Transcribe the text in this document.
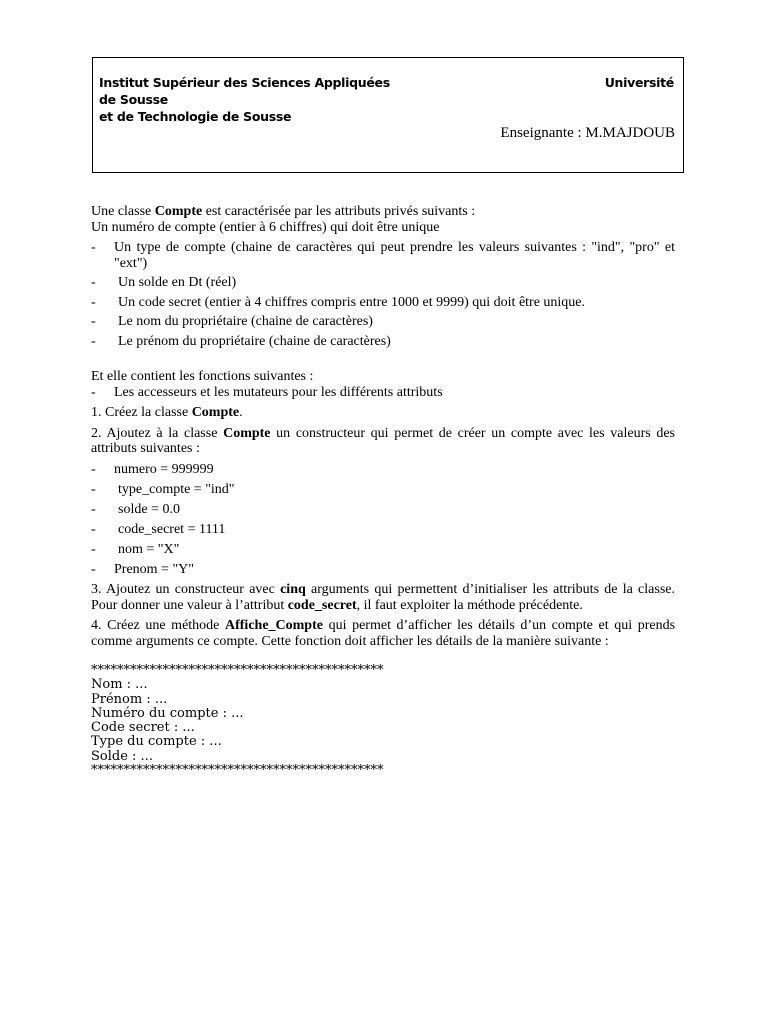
Institut Supérieur des Sciences Appliquées
de Sousse
et de Technologie de Sousse
Université
Enseignante : M.MAJDOUB

Une classe Compte est caractérisée par les attributs privés suivants :

Un numéro de compte (entier à 6 chiffres) qui doit être unique

-	Un type de compte (chaine de caractères qui peut prendre les valeurs suivantes : "ind", "pro" et "ext")
-	Un solde en Dt (réel)
-	Un code secret (entier à 4 chiffres compris entre 1000 et 9999) qui doit être unique.
-	Le nom du propriétaire (chaine de caractères)
-	Le prénom du propriétaire (chaine de caractères)

Et elle contient les fonctions suivantes :

-	Les accesseurs et les mutateurs pour les différents attributs

1. Créez la classe Compte.

2. Ajoutez à la classe Compte un constructeur qui permet de créer un compte avec les valeurs des attributs suivantes :

-	numero = 999999
-	type_compte = "ind"
-	solde = 0.0
-	code_secret = 1111
-	nom = "X"
-	Prenom = "Y"

3. Ajoutez un constructeur avec cinq arguments qui permettent d’initialiser les attributs de la classe. Pour donner une valeur à l’attribut code_secret, il faut exploiter la méthode précédente.

4. Créez une méthode Affiche_Compte qui permet d’afficher les détails d’un compte et qui prends comme arguments ce compte. Cette fonction doit afficher les détails de la manière suivante :

*********************************************

Nom : ...

Prénom : ...

Numéro du compte : ...

Code secret : ...

Type du compte : ...

Solde : ...

*********************************************
